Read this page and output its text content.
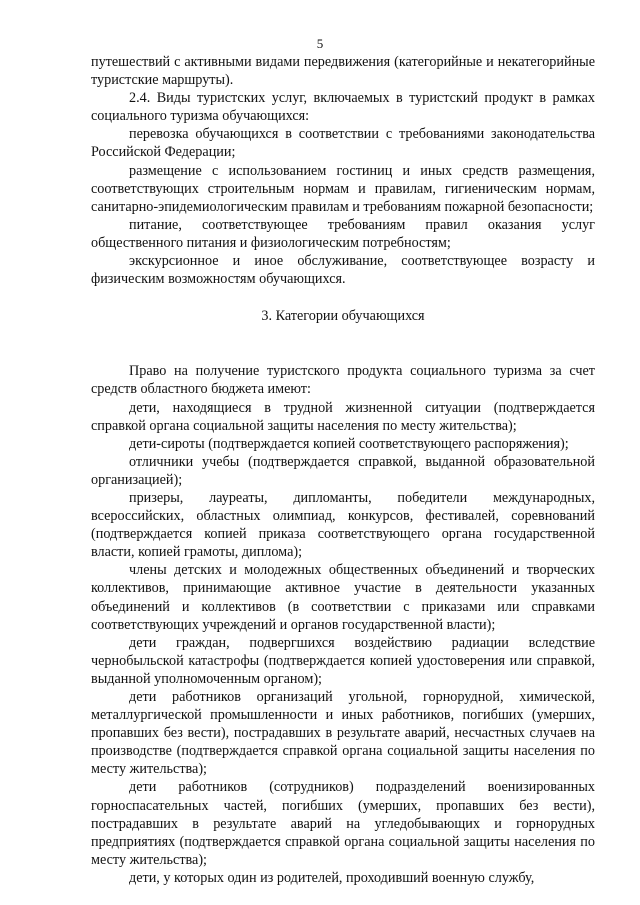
5

путешествий с активными видами передвижения (категорийные и некатегорийные туристские маршруты).

2.4. Виды туристских услуг, включаемых в туристский продукт в рамках социального туризма обучающихся:

перевозка обучающихся в соответствии с требованиями законодательства Российской Федерации;

размещение с использованием гостиниц и иных средств размещения, соответствующих строительным нормам и правилам, гигиеническим нормам, санитарно-эпидемиологическим правилам и требованиям пожарной безопасности;

питание, соответствующее требованиям правил оказания услуг общественного питания и физиологическим потребностям;

экскурсионное и иное обслуживание, соответствующее возрасту и физическим возможностям обучающихся.

3. Категории обучающихся

Право на получение туристского продукта социального туризма за счет средств областного бюджета имеют:

дети, находящиеся в трудной жизненной ситуации (подтверждается справкой органа социальной защиты населения по месту жительства);

дети-сироты (подтверждается копией соответствующего распоряжения);

отличники учебы (подтверждается справкой, выданной образовательной организацией);

призеры, лауреаты, дипломанты, победители международных, всероссийских, областных олимпиад, конкурсов, фестивалей, соревнований (подтверждается копией приказа соответствующего органа государственной власти, копией грамоты, диплома);

члены детских и молодежных общественных объединений и творческих коллективов, принимающие активное участие в деятельности указанных объединений и коллективов (в соответствии с приказами или справками соответствующих учреждений и органов государственной власти);

дети граждан, подвергшихся воздействию радиации вследствие чернобыльской катастрофы (подтверждается копией удостоверения или справкой, выданной уполномоченным органом);

дети работников организаций угольной, горнорудной, химической, металлургической промышленности и иных работников, погибших (умерших, пропавших без вести), пострадавших в результате аварий, несчастных случаев на производстве (подтверждается справкой органа социальной защиты населения по месту жительства);

дети работников (сотрудников) подразделений военизированных горноспасательных частей, погибших (умерших, пропавших без вести), пострадавших в результате аварий на угледобывающих и горнорудных предприятиях (подтверждается справкой органа социальной защиты населения по месту жительства);

дети, у которых один из родителей, проходивший военную службу,
